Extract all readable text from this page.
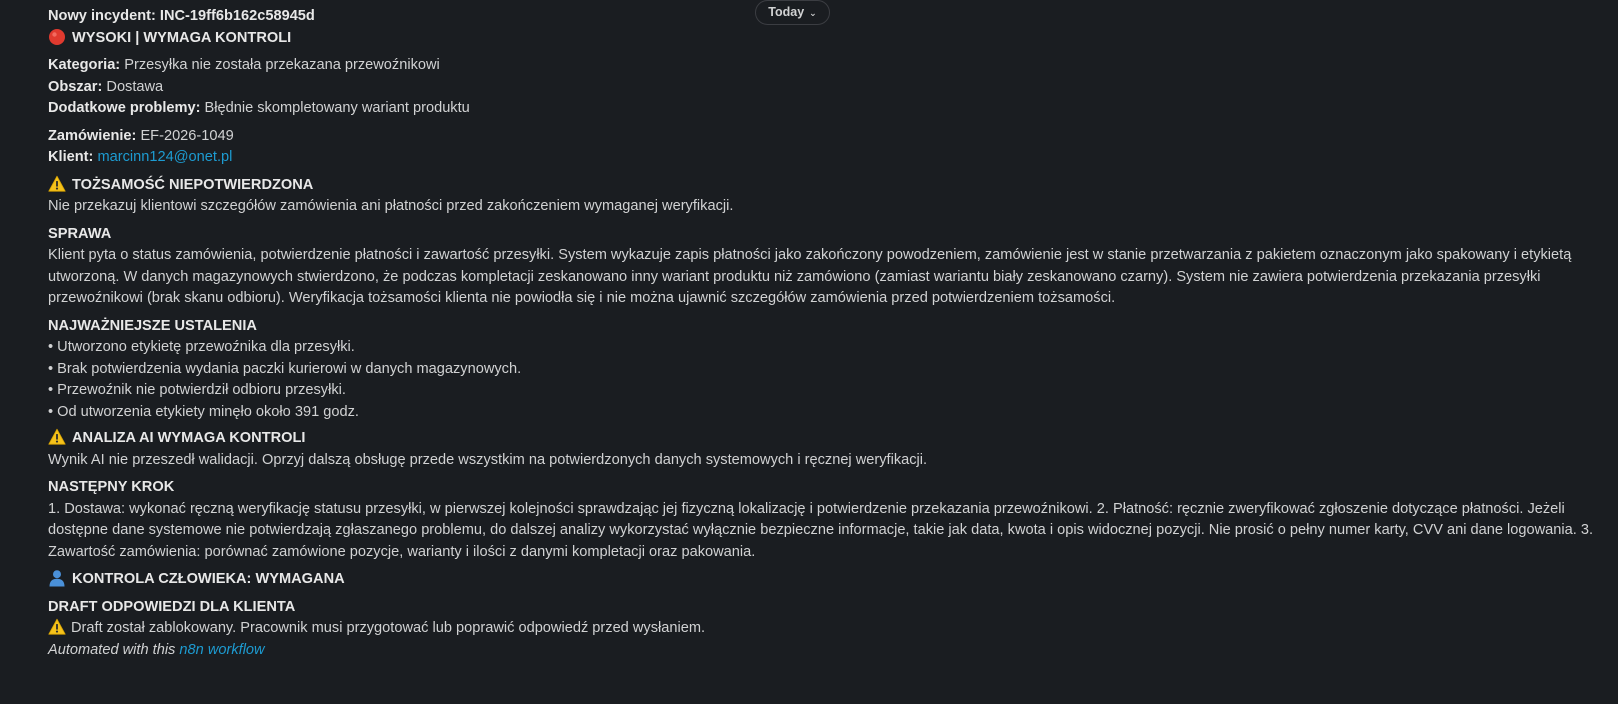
Today ⌄
Nowy incydent: INC-19ff6b162c58945d
WYSOKI | WYMAGA KONTROLI
Kategoria: Przesyłka nie została przekazana przewoźnikowi
Obszar: Dostawa
Dodatkowe problemy: Błędnie skompletowany wariant produktu
Zamówienie: EF-2026-1049
Klient: marcinn124@onet.pl
TOŻSAMOŚĆ NIEPOTWIERDZONA
Nie przekazuj klientowi szczegółów zamówienia ani płatności przed zakończeniem wymaganej weryfikacji.
SPRAWA
Klient pyta o status zamówienia, potwierdzenie płatności i zawartość przesyłki. System wykazuje zapis płatności jako zakończony powodzeniem, zamówienie jest w stanie przetwarzania z pakietem oznaczonym jako spakowany i etykietą
utworzoną. W danych magazynowych stwierdzono, że podczas kompletacji zeskanowano inny wariant produktu niż zamówiono (zamiast wariantu biały zeskanowano czarny). System nie zawiera potwierdzenia przekazania przesyłki
przewoźnikowi (brak skanu odbioru). Weryfikacja tożsamości klienta nie powiodła się i nie można ujawnić szczegółów zamówienia przed potwierdzeniem tożsamości.
NAJWAŻNIEJSZE USTALENIA
• Utworzono etykietę przewoźnika dla przesyłki.
• Brak potwierdzenia wydania paczki kurierowi w danych magazynowych.
• Przewoźnik nie potwierdził odbioru przesyłki.
• Od utworzenia etykiety minęło około 391 godz.
ANALIZA AI WYMAGA KONTROLI
Wynik AI nie przeszedł walidacji. Oprzyj dalszą obsługę przede wszystkim na potwierdzonych danych systemowych i ręcznej weryfikacji.
NASTĘPNY KROK
1. Dostawa: wykonać ręczną weryfikację statusu przesyłki, w pierwszej kolejności sprawdzając jej fizyczną lokalizację i potwierdzenie przekazania przewoźnikowi. 2. Płatność: ręcznie zweryfikować zgłoszenie dotyczące płatności. Jeżeli
dostępne dane systemowe nie potwierdzają zgłaszanego problemu, do dalszej analizy wykorzystać wyłącznie bezpieczne informacje, takie jak data, kwota i opis widocznej pozycji. Nie prosić o pełny numer karty, CVV ani dane logowania. 3.
Zawartość zamówienia: porównać zamówione pozycje, warianty i ilości z danymi kompletacji oraz pakowania.
KONTROLA CZŁOWIEKA: WYMAGANA
DRAFT ODPOWIEDZI DLA KLIENTA
Draft został zablokowany. Pracownik musi przygotować lub poprawić odpowiedź przed wysłaniem.
Automated with this n8n workflow
